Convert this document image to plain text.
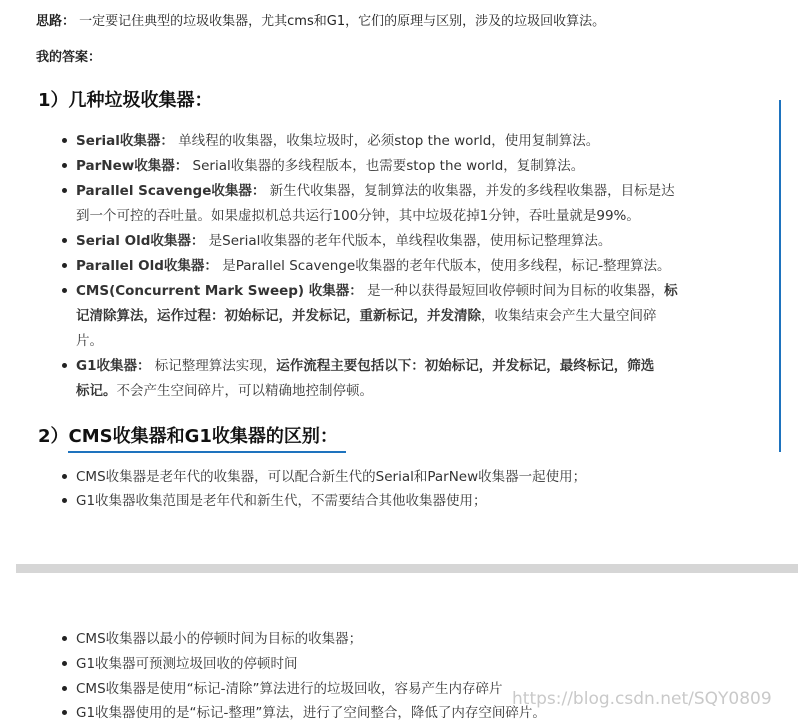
思路： 一定要记住典型的垃圾收集器，尤其cms和G1，它们的原理与区别，涉及的垃圾回收算法。
我的答案：
1）几种垃圾收集器：
Serial收集器： 单线程的收集器，收集垃圾时，必须stop the world，使用复制算法。
ParNew收集器： Serial收集器的多线程版本，也需要stop the world，复制算法。
Parallel Scavenge收集器： 新生代收集器，复制算法的收集器，并发的多线程收集器，目标是达
到一个可控的吞吐量。如果虚拟机总共运行100分钟，其中垃圾花掉1分钟，吞吐量就是99%。
Serial Old收集器： 是Serial收集器的老年代版本，单线程收集器，使用标记整理算法。
Parallel Old收集器： 是Parallel Scavenge收集器的老年代版本，使用多线程，标记-整理算法。
CMS(Concurrent Mark Sweep) 收集器： 是一种以获得最短回收停顿时间为目标的收集器，标
记清除算法，运作过程：初始标记，并发标记，重新标记，并发清除，收集结束会产生大量空间碎
片。
G1收集器： 标记整理算法实现，运作流程主要包括以下：初始标记，并发标记，最终标记，筛选
标记。不会产生空间碎片，可以精确地控制停顿。
2）CMS收集器和G1收集器的区别：
CMS收集器是老年代的收集器，可以配合新生代的Serial和ParNew收集器一起使用；
G1收集器收集范围是老年代和新生代，不需要结合其他收集器使用；
CMS收集器以最小的停顿时间为目标的收集器；
G1收集器可预测垃圾回收的停顿时间
CMS收集器是使用“标记-清除”算法进行的垃圾回收，容易产生内存碎片
G1收集器使用的是“标记-整理”算法，进行了空间整合，降低了内存空间碎片。
https://blog.csdn.net/SQY0809
